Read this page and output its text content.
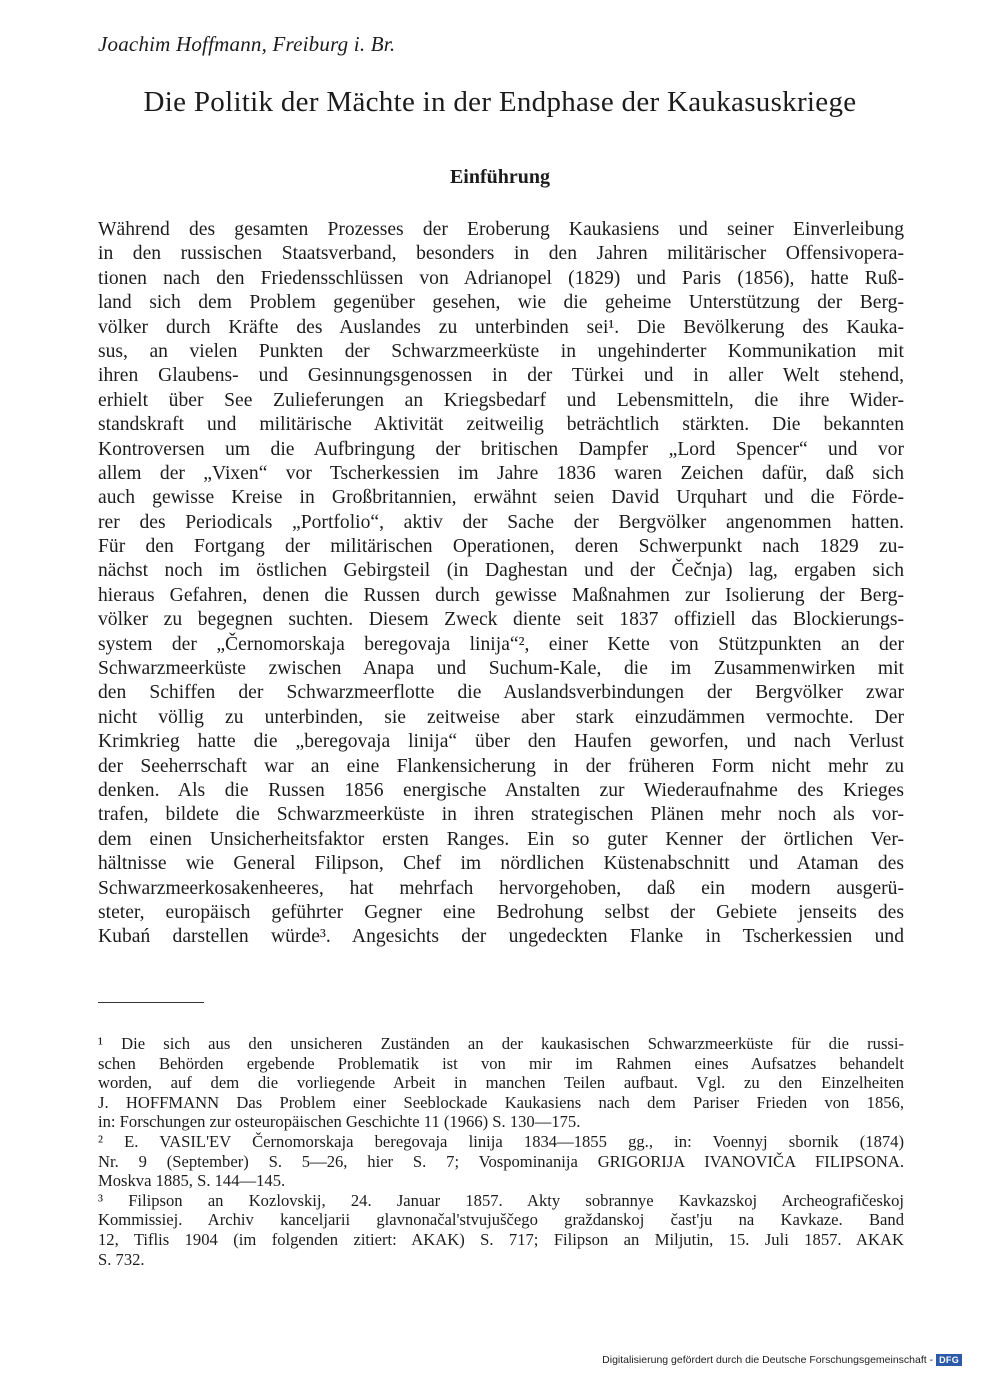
Joachim Hoffmann, Freiburg i. Br.
Die Politik der Mächte in der Endphase der Kaukasuskriege
Einführung
Während des gesamten Prozesses der Eroberung Kaukasiens und seiner Einverleibung
in den russischen Staatsverband, besonders in den Jahren militärischer Offensivopera-
tionen nach den Friedensschlüssen von Adrianopel (1829) und Paris (1856), hatte Ruß-
land sich dem Problem gegenüber gesehen, wie die geheime Unterstützung der Berg-
völker durch Kräfte des Auslandes zu unterbinden sei¹. Die Bevölkerung des Kauka-
sus, an vielen Punkten der Schwarzmeerküste in ungehinderter Kommunikation mit
ihren Glaubens- und Gesinnungsgenossen in der Türkei und in aller Welt stehend,
erhielt über See Zulieferungen an Kriegsbedarf und Lebensmitteln, die ihre Wider-
standskraft und militärische Aktivität zeitweilig beträchtlich stärkten. Die bekannten
Kontroversen um die Aufbringung der britischen Dampfer „Lord Spencer“ und vor
allem der „Vixen“ vor Tscherkessien im Jahre 1836 waren Zeichen dafür, daß sich
auch gewisse Kreise in Großbritannien, erwähnt seien David Urquhart und die Förde-
rer des Periodicals „Portfolio“, aktiv der Sache der Bergvölker angenommen hatten.
Für den Fortgang der militärischen Operationen, deren Schwerpunkt nach 1829 zu-
nächst noch im östlichen Gebirgsteil (in Daghestan und der Čečnja) lag, ergaben sich
hieraus Gefahren, denen die Russen durch gewisse Maßnahmen zur Isolierung der Berg-
völker zu begegnen suchten. Diesem Zweck diente seit 1837 offiziell das Blockierungs-
system der „Černomorskaja beregovaja linija“², einer Kette von Stützpunkten an der
Schwarzmeerküste zwischen Anapa und Suchum-Kale, die im Zusammenwirken mit
den Schiffen der Schwarzmeerflotte die Auslandsverbindungen der Bergvölker zwar
nicht völlig zu unterbinden, sie zeitweise aber stark einzudämmen vermochte. Der
Krimkrieg hatte die „beregovaja linija“ über den Haufen geworfen, und nach Verlust
der Seeherrschaft war an eine Flankensicherung in der früheren Form nicht mehr zu
denken. Als die Russen 1856 energische Anstalten zur Wiederaufnahme des Krieges
trafen, bildete die Schwarzmeerküste in ihren strategischen Plänen mehr noch als vor-
dem einen Unsicherheitsfaktor ersten Ranges. Ein so guter Kenner der örtlichen Ver-
hältnisse wie General Filipson, Chef im nördlichen Küstenabschnitt und Ataman des
Schwarzmeerkosakenheeres, hat mehrfach hervorgehoben, daß ein modern ausgerü-
steter, europäisch geführter Gegner eine Bedrohung selbst der Gebiete jenseits des
Kubań darstellen würde³. Angesichts der ungedeckten Flanke in Tscherkessien und
¹ Die sich aus den unsicheren Zuständen an der kaukasischen Schwarzmeerküste für die russi-
schen Behörden ergebende Problematik ist von mir im Rahmen eines Aufsatzes behandelt
worden, auf dem die vorliegende Arbeit in manchen Teilen aufbaut. Vgl. zu den Einzelheiten
J. HOFFMANN Das Problem einer Seeblockade Kaukasiens nach dem Pariser Frieden von 1856,
in: Forschungen zur osteuropäischen Geschichte 11 (1966) S. 130—175.
² E. VASIL'EV Černomorskaja beregovaja linija 1834—1855 gg., in: Voennyj sbornik (1874)
Nr. 9 (September) S. 5—26, hier S. 7; Vospominanija GRIGORIJA IVANOVIČA FILIPSONA.
Moskva 1885, S. 144—145.
³ Filipson an Kozlovskij, 24. Januar 1857. Akty sobrannye Kavkazskoj Archeografičeskoj
Kommissiej. Archiv kanceljarii glavnonačal'stvujuščego graždanskoj čast'ju na Kavkaze. Band
12, Tiflis 1904 (im folgenden zitiert: AKAK) S. 717; Filipson an Miljutin, 15. Juli 1857. AKAK
S. 732.
Digitalisierung gefördert durch die Deutsche Forschungsgemeinschaft - DFG
